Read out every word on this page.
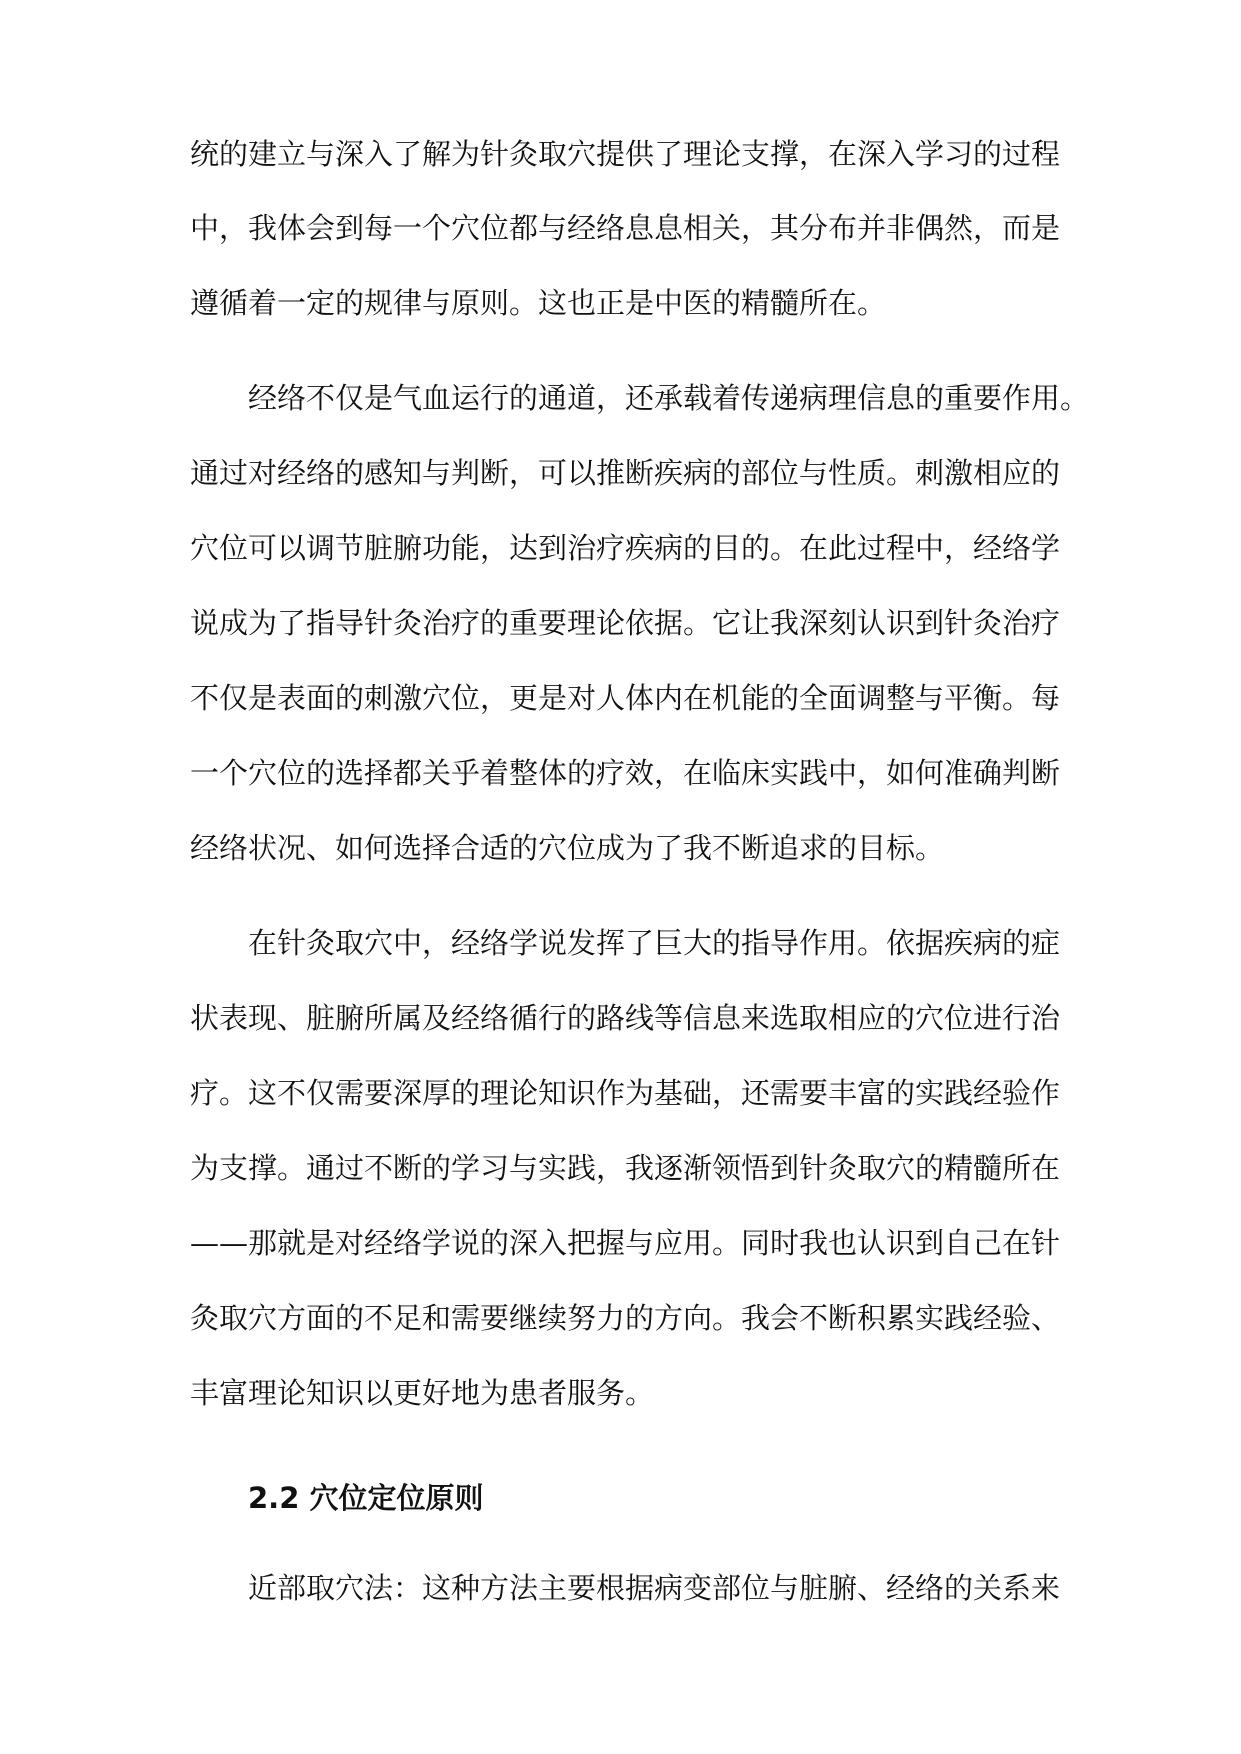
统的建立与深入了解为针灸取穴提供了理论支撑，在深入学习的过程
中，我体会到每一个穴位都与经络息息相关，其分布并非偶然，而是
遵循着一定的规律与原则。这也正是中医的精髓所在。
经络不仅是气血运行的通道，还承载着传递病理信息的重要作用。
通过对经络的感知与判断，可以推断疾病的部位与性质。刺激相应的
穴位可以调节脏腑功能，达到治疗疾病的目的。在此过程中，经络学
说成为了指导针灸治疗的重要理论依据。它让我深刻认识到针灸治疗
不仅是表面的刺激穴位，更是对人体内在机能的全面调整与平衡。每
一个穴位的选择都关乎着整体的疗效，在临床实践中，如何准确判断
经络状况、如何选择合适的穴位成为了我不断追求的目标。
在针灸取穴中，经络学说发挥了巨大的指导作用。依据疾病的症
状表现、脏腑所属及经络循行的路线等信息来选取相应的穴位进行治
疗。这不仅需要深厚的理论知识作为基础，还需要丰富的实践经验作
为支撑。通过不断的学习与实践，我逐渐领悟到针灸取穴的精髓所在
——那就是对经络学说的深入把握与应用。同时我也认识到自己在针
灸取穴方面的不足和需要继续努力的方向。我会不断积累实践经验、
丰富理论知识以更好地为患者服务。
2.2 穴位定位原则
近部取穴法：这种方法主要根据病变部位与脏腑、经络的关系来
